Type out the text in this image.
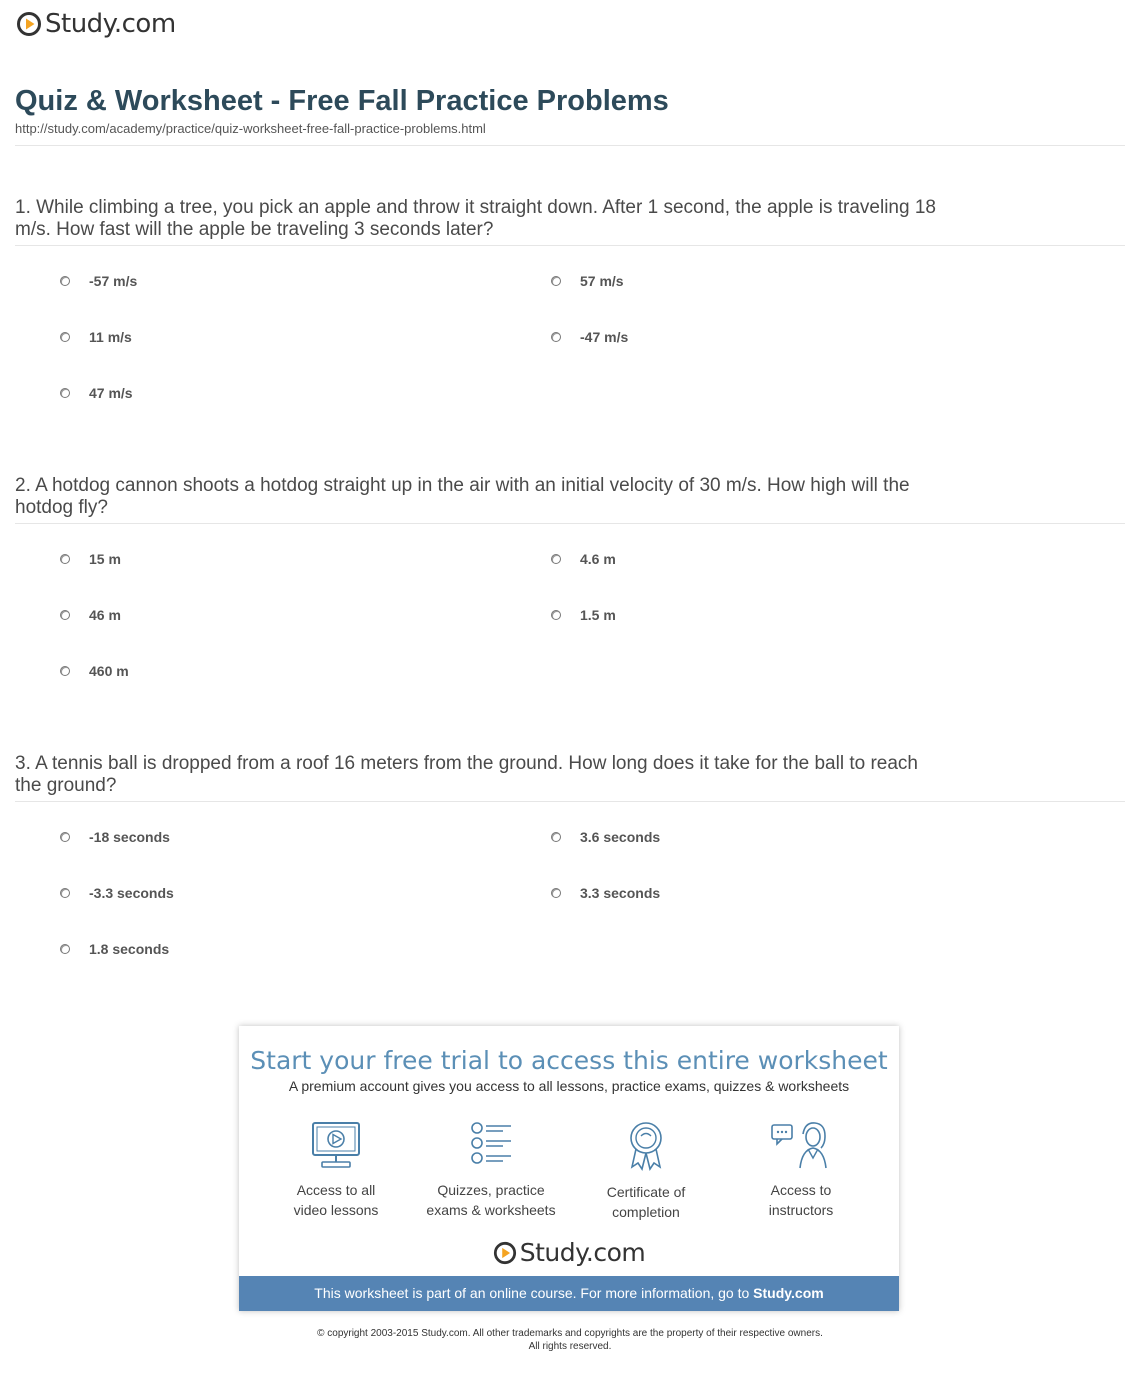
Study.com
Quiz & Worksheet - Free Fall Practice Problems
http://study.com/academy/practice/quiz-worksheet-free-fall-practice-problems.html
1. While climbing a tree, you pick an apple and throw it straight down. After 1 second, the apple is traveling 18 m/s. How fast will the apple be traveling 3 seconds later?
-57 m/s	57 m/s
11 m/s	-47 m/s
47 m/s
2. A hotdog cannon shoots a hotdog straight up in the air with an initial velocity of 30 m/s. How high will the hotdog fly?
15 m	4.6 m
46 m	1.5 m
460 m
3. A tennis ball is dropped from a roof 16 meters from the ground. How long does it take for the ball to reach the ground?
-18 seconds	3.6 seconds
-3.3 seconds	3.3 seconds
1.8 seconds
Start your free trial to access this entire worksheet
A premium account gives you access to all lessons, practice exams, quizzes & worksheets
Access to all
video lessons
Quizzes, practice
exams & worksheets
Certificate of
completion
Access to
instructors
Study.com
This worksheet is part of an online course. For more information, go to Study.com
© copyright 2003-2015 Study.com. All other trademarks and copyrights are the property of their respective owners.
All rights reserved.
